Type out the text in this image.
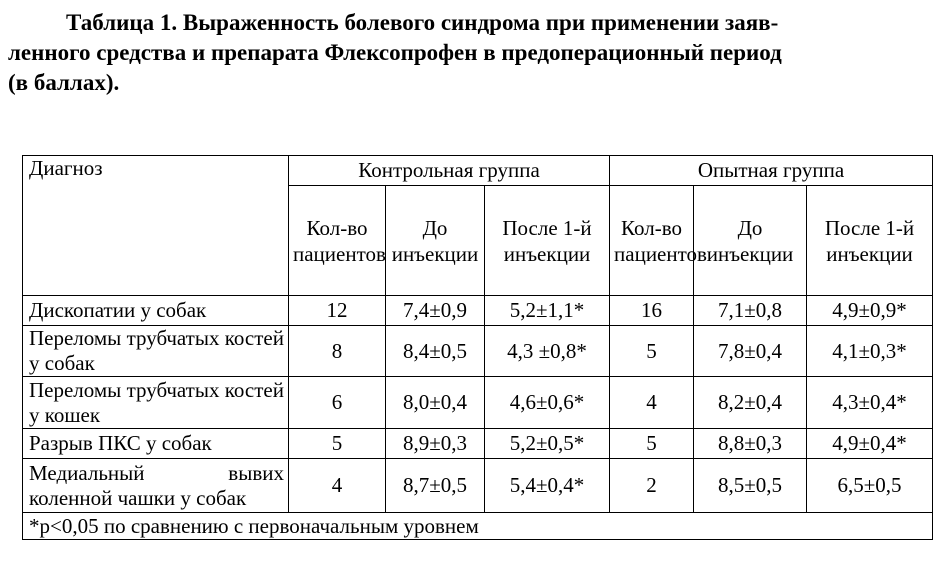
Таблица 1. Выраженность болевого синдрома при применении заяв-
ленного средства и препарата Флексопрофен в предоперационный период
(в баллах).
Диагноз	Контрольная группа			Опытная группа		
	Кол-во пациентов	До инъекции	После 1-й инъекции	Кол-во пациентов	До инъекции	После 1-й инъекции
Дископатии у собак	12	7,4±0,9	5,2±1,1*	16	7,1±0,8	4,9±0,9*
Переломы трубчатых костей у собак	8	8,4±0,5	4,3 ±0,8*	5	7,8±0,4	4,1±0,3*
Переломы трубчатых костей у кошек	6	8,0±0,4	4,6±0,6*	4	8,2±0,4	4,3±0,4*
Разрыв ПКС у собак	5	8,9±0,3	5,2±0,5*	5	8,8±0,3	4,9±0,4*
Медиальный вывих коленной чашки у собак	4	8,7±0,5	5,4±0,4*	2	8,5±0,5	6,5±0,5
*p<0,05 по сравнению с первоначальным уровнем						
